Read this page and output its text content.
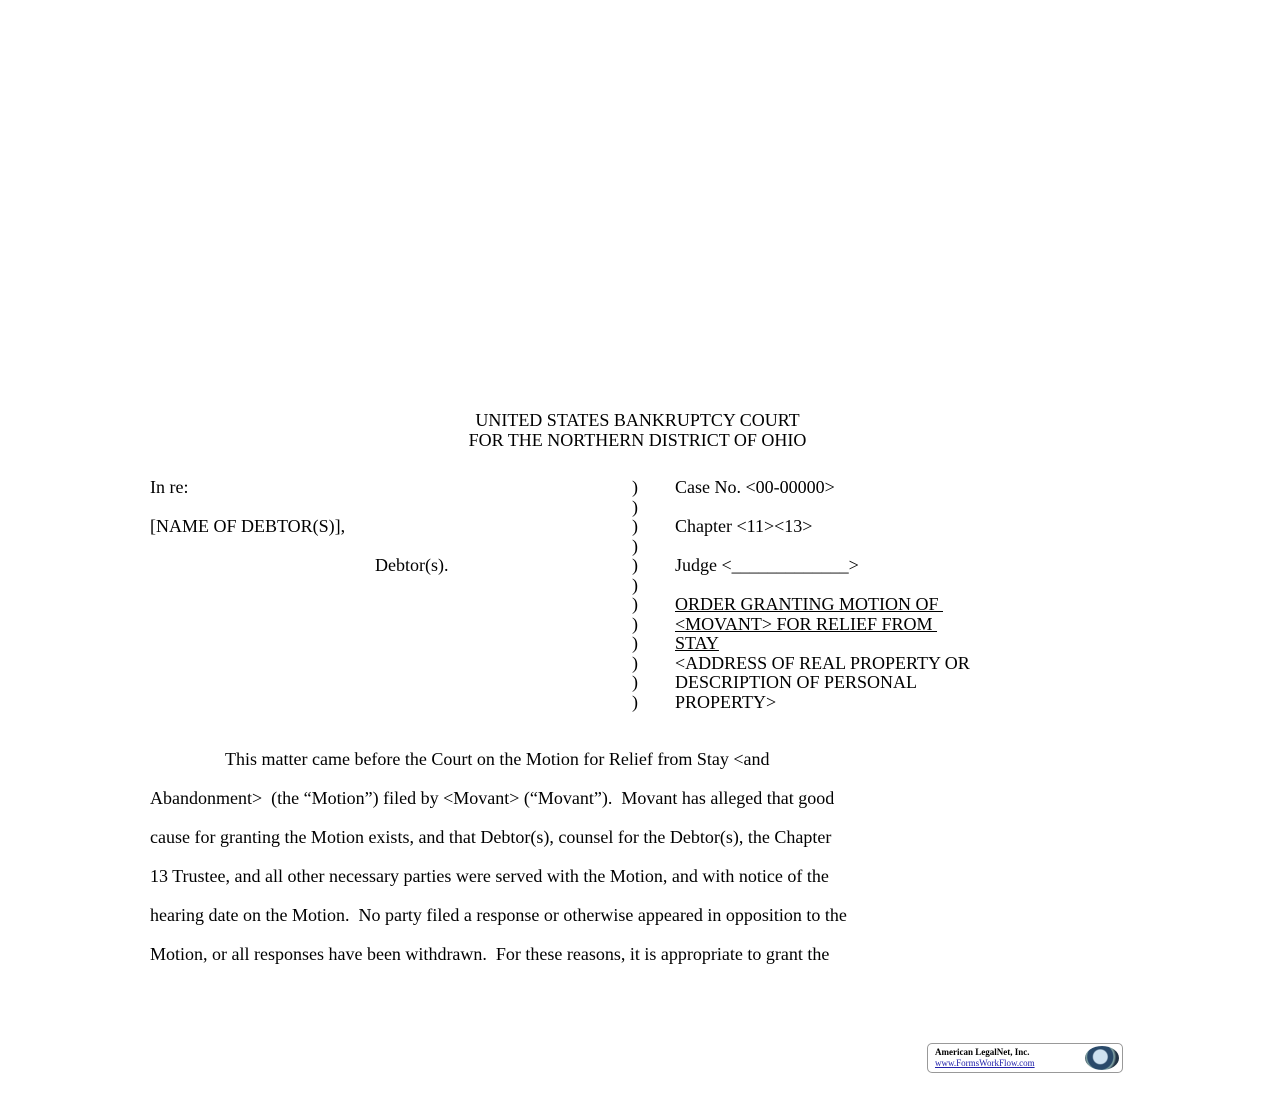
UNITED STATES BANKRUPTCY COURT
FOR THE NORTHERN DISTRICT OF OHIO
In re:
[NAME OF DEBTOR(S)],
Debtor(s).
)
)
)
)
)
)
)
)
)
)
)
)
Case No. <00-00000>
Chapter <11><13>
Judge <_____________>
ORDER GRANTING MOTION OF
<MOVANT> FOR RELIEF FROM
STAY
<ADDRESS OF REAL PROPERTY OR
DESCRIPTION OF PERSONAL
PROPERTY>
This matter came before the Court on the Motion for Relief from Stay <and
Abandonment>  (the “Motion”) filed by <Movant> (“Movant”).  Movant has alleged that good
cause for granting the Motion exists, and that Debtor(s), counsel for the Debtor(s), the Chapter
13 Trustee, and all other necessary parties were served with the Motion, and with notice of the
hearing date on the Motion.  No party filed a response or otherwise appeared in opposition to the
Motion, or all responses have been withdrawn.  For these reasons, it is appropriate to grant the
American LegalNet, Inc.
www.FormsWorkFlow.com
